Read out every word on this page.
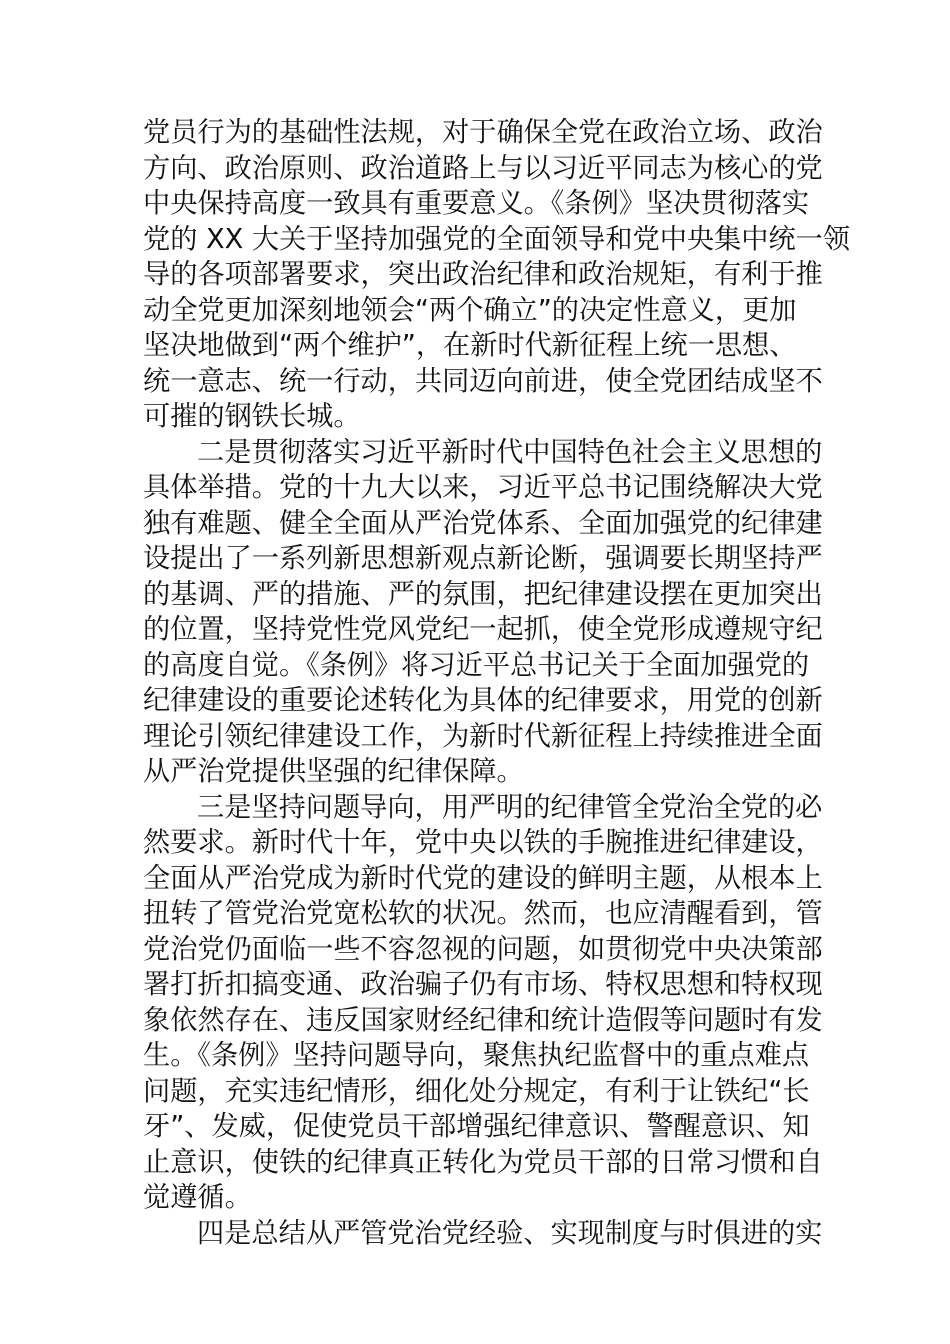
党员行为的基础性法规，对于确保全党在政治立场、政治
方向、政治原则、政治道路上与以习近平同志为核心的党
中央保持高度一致具有重要意义。《条例》坚决贯彻落实
党的 XX 大关于坚持加强党的全面领导和党中央集中统一领
导的各项部署要求，突出政治纪律和政治规矩，有利于推
动全党更加深刻地领会“两个确立”的决定性意义，更加
坚决地做到“两个维护”，在新时代新征程上统一思想、
统一意志、统一行动，共同迈向前进，使全党团结成坚不
可摧的钢铁长城。
二是贯彻落实习近平新时代中国特色社会主义思想的
具体举措。党的十九大以来，习近平总书记围绕解决大党
独有难题、健全全面从严治党体系、全面加强党的纪律建
设提出了一系列新思想新观点新论断，强调要长期坚持严
的基调、严的措施、严的氛围，把纪律建设摆在更加突出
的位置，坚持党性党风党纪一起抓，使全党形成遵规守纪
的高度自觉。《条例》将习近平总书记关于全面加强党的
纪律建设的重要论述转化为具体的纪律要求，用党的创新
理论引领纪律建设工作，为新时代新征程上持续推进全面
从严治党提供坚强的纪律保障。
三是坚持问题导向，用严明的纪律管全党治全党的必
然要求。新时代十年，党中央以铁的手腕推进纪律建设，
全面从严治党成为新时代党的建设的鲜明主题，从根本上
扭转了管党治党宽松软的状况。然而，也应清醒看到，管
党治党仍面临一些不容忽视的问题，如贯彻党中央决策部
署打折扣搞变通、政治骗子仍有市场、特权思想和特权现
象依然存在、违反国家财经纪律和统计造假等问题时有发
生。《条例》坚持问题导向，聚焦执纪监督中的重点难点
问题，充实违纪情形，细化处分规定，有利于让铁纪“长
牙”、发威，促使党员干部增强纪律意识、警醒意识、知
止意识，使铁的纪律真正转化为党员干部的日常习惯和自
觉遵循。
四是总结从严管党治党经验、实现制度与时俱进的实
